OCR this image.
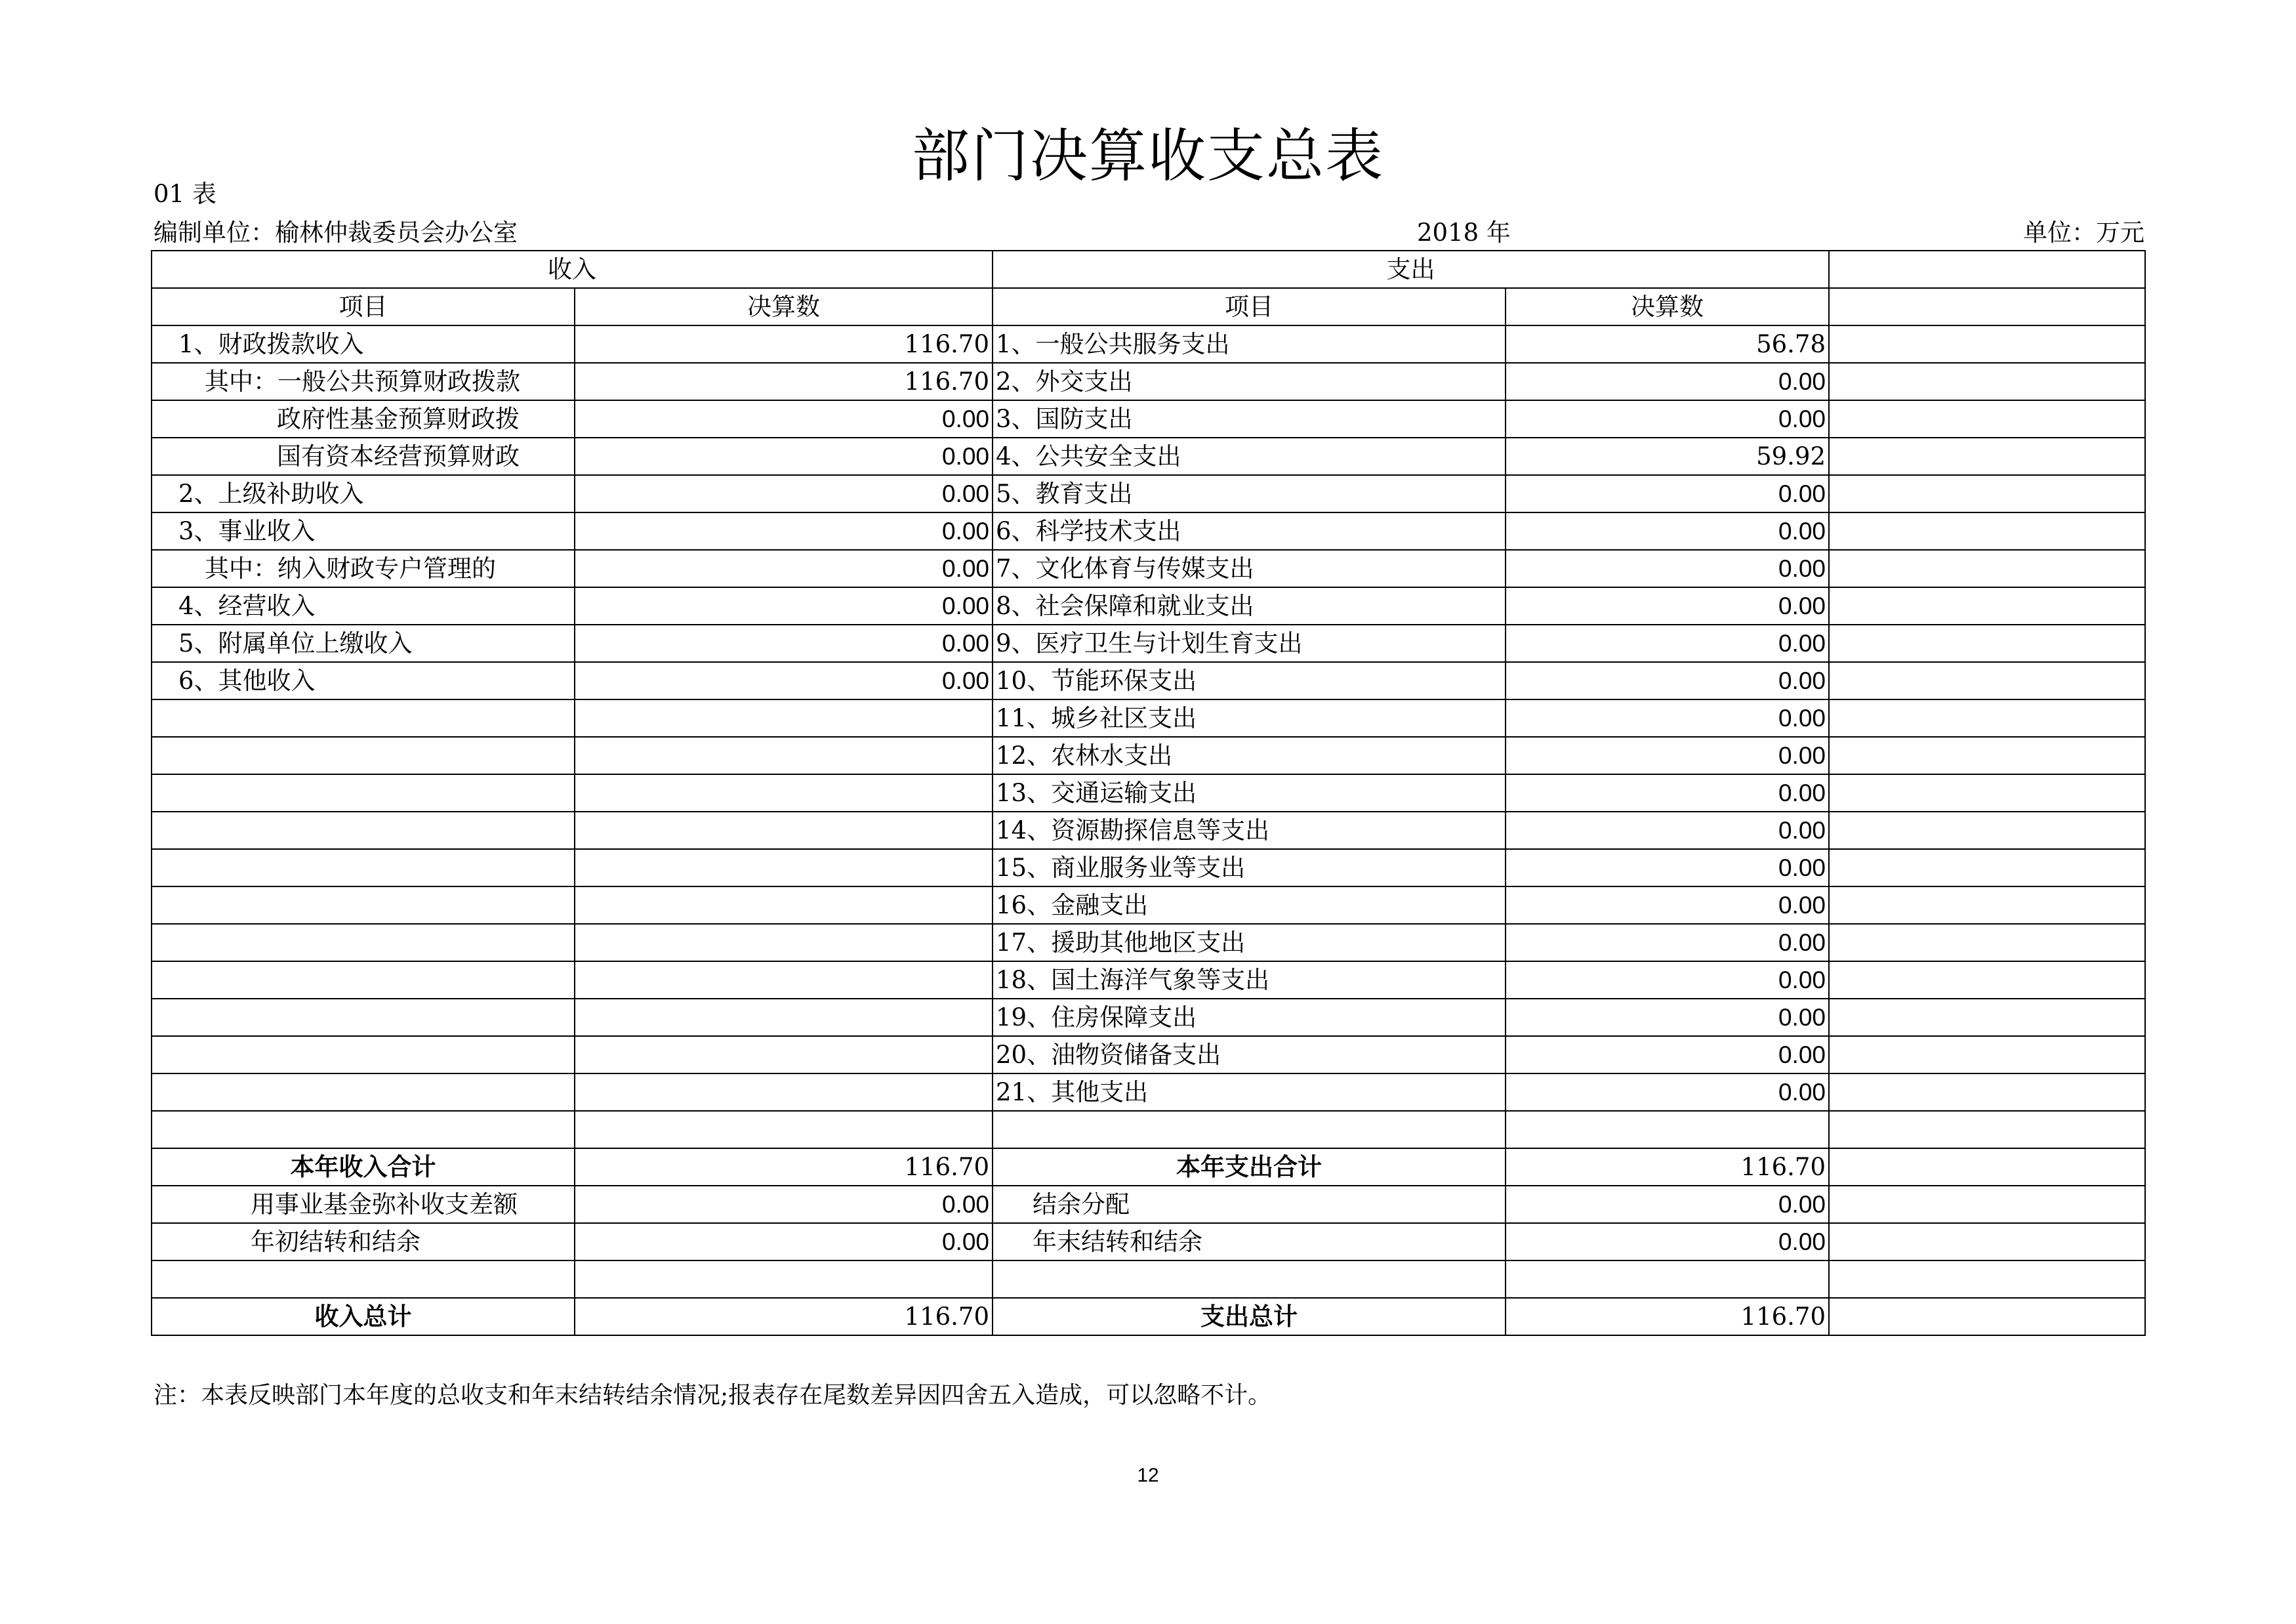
部门决算收支总表
01 表
编制单位：榆林仲裁委员会办公室	2018 年	单位：万元
收入		支出		
项目	决算数	项目	决算数	
1、财政拨款收入	116.70	1、一般公共服务支出	56.78	
其中：一般公共预算财政拨款	116.70	2、外交支出	0.00	
政府性基金预算财政拨	0.00	3、国防支出	0.00	
国有资本经营预算财政	0.00	4、公共安全支出	59.92	
2、上级补助收入	0.00	5、教育支出	0.00	
3、事业收入	0.00	6、科学技术支出	0.00	
其中：纳入财政专户管理的	0.00	7、文化体育与传媒支出	0.00	
4、经营收入	0.00	8、社会保障和就业支出	0.00	
5、附属单位上缴收入	0.00	9、医疗卫生与计划生育支出	0.00	
6、其他收入	0.00	10、节能环保支出	0.00	
		11、城乡社区支出	0.00	
		12、农林水支出	0.00	
		13、交通运输支出	0.00	
		14、资源勘探信息等支出	0.00	
		15、商业服务业等支出	0.00	
		16、金融支出	0.00	
		17、援助其他地区支出	0.00	
		18、国土海洋气象等支出	0.00	
		19、住房保障支出	0.00	
		20、油物资储备支出	0.00	
		21、其他支出	0.00	

本年收入合计	116.70	本年支出合计	116.70	
用事业基金弥补收支差额	0.00	结余分配	0.00	
年初结转和结余	0.00	年末结转和结余	0.00	

收入总计	116.70	支出总计	116.70	
注：本表反映部门本年度的总收支和年末结转结余情况;报表存在尾数差异因四舍五入造成，可以忽略不计。
12
